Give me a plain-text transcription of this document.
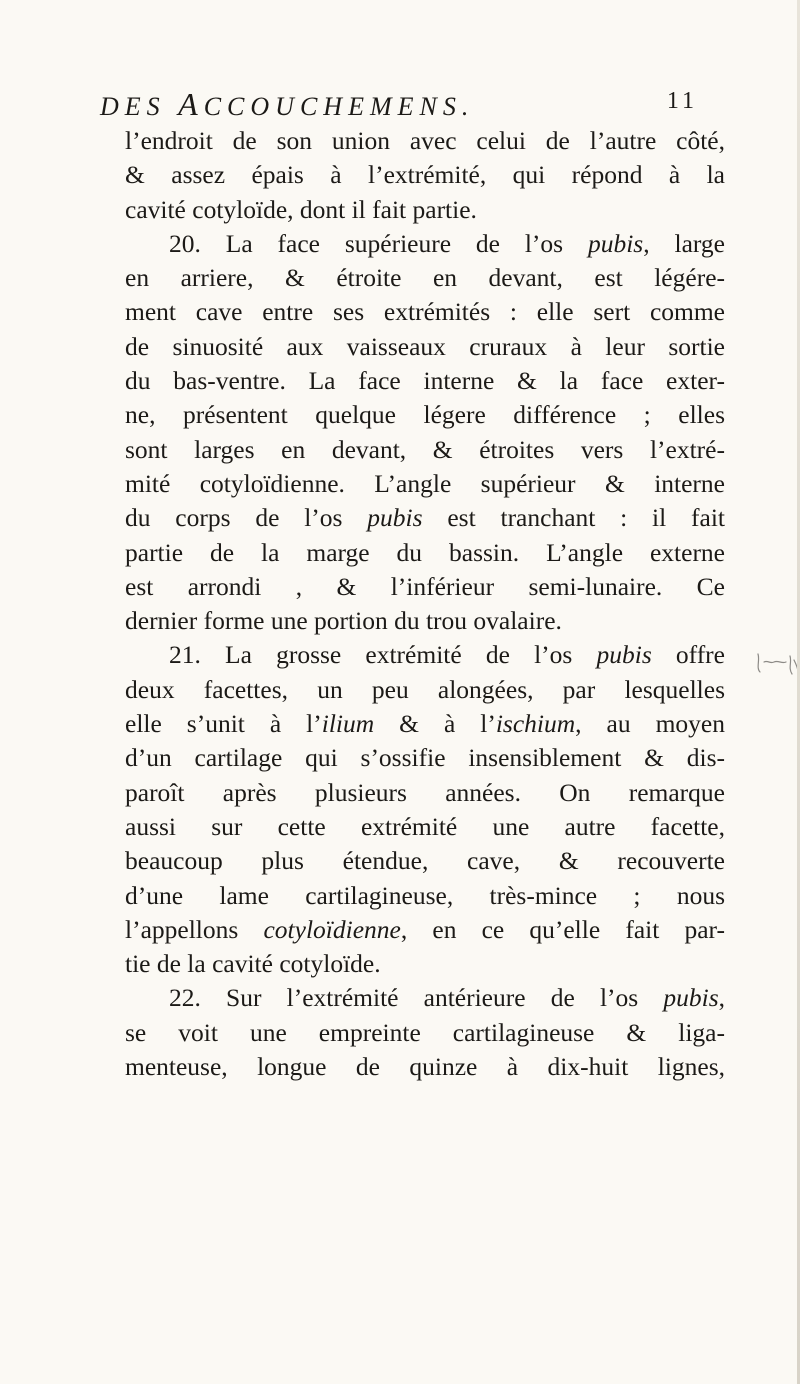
DES ACCOUCHEMENS.	11
l’endroit de son union avec celui de l’autre côté,
& assez épais à l’extrémité, qui répond à la
cavité cotyloïde, dont il fait partie.
20. La face supérieure de l’os pubis, large
en arriere, & étroite en devant, est légére-
ment cave entre ses extrémités : elle sert comme
de sinuosité aux vaisseaux cruraux à leur sortie
du bas-ventre. La face interne & la face exter-
ne, présentent quelque légere différence ; elles
sont larges en devant, & étroites vers l’extré-
mité cotyloïdienne. L’angle supérieur & interne
du corps de l’os pubis est tranchant : il fait
partie de la marge du bassin. L’angle externe
est arrondi , & l’inférieur semi-lunaire. Ce
dernier forme une portion du trou ovalaire.
21. La grosse extrémité de l’os pubis offre
deux facettes, un peu alongées, par lesquelles
elle s’unit à l’ilium & à l’ischium, au moyen
d’un cartilage qui s’ossifie insensiblement & dis-
paroît après plusieurs années. On remarque
aussi sur cette extrémité une autre facette,
beaucoup plus étendue, cave, & recouverte
d’une lame cartilagineuse, très-mince ; nous
l’appellons cotyloïdienne, en ce qu’elle fait par-
tie de la cavité cotyloïde.
22. Sur l’extrémité antérieure de l’os pubis,
se voit une empreinte cartilagineuse & liga-
menteuse, longue de quinze à dix-huit lignes,
